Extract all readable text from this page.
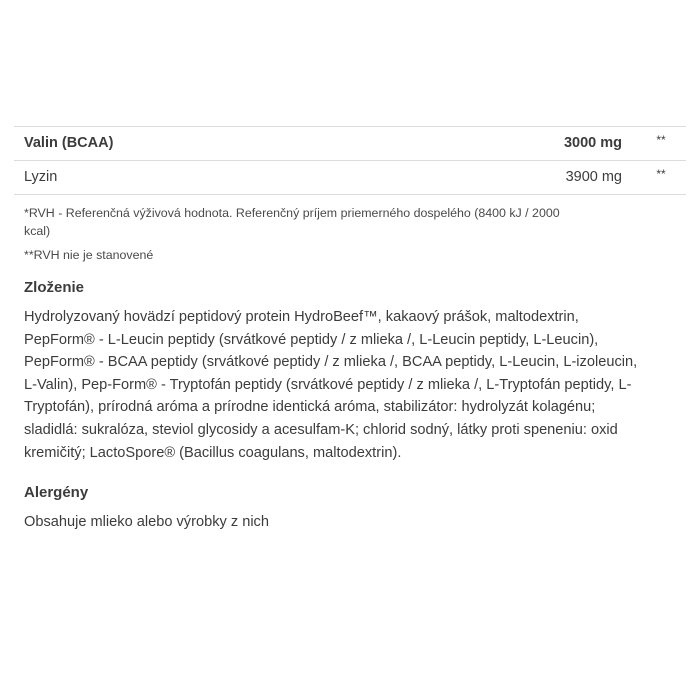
Valin (BCAA)	3000 mg	**
Lyzin	3900 mg	**

*RVH - Referenčná výživová hodnota. Referenčný príjem priemerného dospelého (8400 kJ / 2000 kcal)

**RVH nie je stanovené

Zloženie

Hydrolyzovaný hovädzí peptidový protein HydroBeef™, kakaový prášok, maltodextrin, PepForm® - L-Leucin peptidy (srvátkové peptidy / z mlieka /, L-Leucin peptidy, L-Leucin), PepForm® - BCAA peptidy (srvátkové peptidy / z mlieka /, BCAA peptidy, L-Leucin, L-izoleucin, L-Valin), Pep-Form® - Tryptofán peptidy (srvátkové peptidy / z mlieka /, L-Tryptofán peptidy, L-Tryptofán), prírodná aróma a prírodne identická aróma, stabilizátor: hydrolyzát kolagénu; sladidlá: sukralóza, steviol glycosidy a acesulfam-K; chlorid sodný, látky proti speneniu: oxid kremičitý; LactoSpore® (Bacillus coagulans, maltodextrin).

Alergény

Obsahuje mlieko alebo výrobky z nich
